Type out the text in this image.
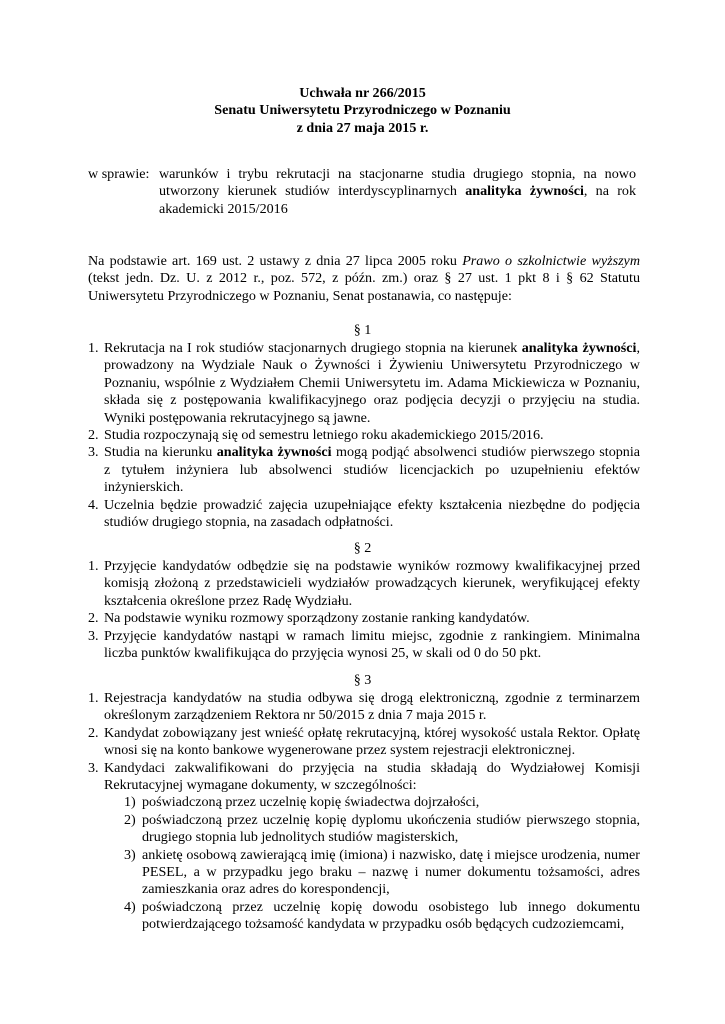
Uchwała nr 266/2015
Senatu Uniwersytetu Przyrodniczego w Poznaniu
z dnia 27 maja 2015 r.
w sprawie: warunków i trybu rekrutacji na stacjonarne studia drugiego stopnia, na nowo utworzony kierunek studiów interdyscyplinarnych analityka żywności, na rok akademicki 2015/2016
Na podstawie art. 169 ust. 2 ustawy z dnia 27 lipca 2005 roku Prawo o szkolnictwie wyższym (tekst jedn. Dz. U. z 2012 r., poz. 572, z późn. zm.) oraz § 27 ust. 1 pkt 8 i § 62 Statutu Uniwersytetu Przyrodniczego w Poznaniu, Senat postanawia, co następuje:
§ 1
1. Rekrutacja na I rok studiów stacjonarnych drugiego stopnia na kierunek analityka żywności, prowadzony na Wydziale Nauk o Żywności i Żywieniu Uniwersytetu Przyrodniczego w Poznaniu, wspólnie z Wydziałem Chemii Uniwersytetu im. Adama Mickiewicza w Poznaniu, składa się z postępowania kwalifikacyjnego oraz podjęcia decyzji o przyjęciu na studia. Wyniki postępowania rekrutacyjnego są jawne.
2. Studia rozpoczynają się od semestru letniego roku akademickiego 2015/2016.
3. Studia na kierunku analityka żywności mogą podjąć absolwenci studiów pierwszego stopnia z tytułem inżyniera lub absolwenci studiów licencjackich po uzupełnieniu efektów inżynierskich.
4. Uczelnia będzie prowadzić zajęcia uzupełniające efekty kształcenia niezbędne do podjęcia studiów drugiego stopnia, na zasadach odpłatności.
§ 2
1. Przyjęcie kandydatów odbędzie się na podstawie wyników rozmowy kwalifikacyjnej przed komisją złożoną z przedstawicieli wydziałów prowadzących kierunek, weryfikującej efekty kształcenia określone przez Radę Wydziału.
2. Na podstawie wyniku rozmowy sporządzony zostanie ranking kandydatów.
3. Przyjęcie kandydatów nastąpi w ramach limitu miejsc, zgodnie z rankingiem. Minimalna liczba punktów kwalifikująca do przyjęcia wynosi 25, w skali od 0 do 50 pkt.
§ 3
1. Rejestracja kandydatów na studia odbywa się drogą elektroniczną, zgodnie z terminarzem określonym zarządzeniem Rektora nr 50/2015 z dnia 7 maja 2015 r.
2. Kandydat zobowiązany jest wnieść opłatę rekrutacyjną, której wysokość ustala Rektor. Opłatę wnosi się na konto bankowe wygenerowane przez system rejestracji elektronicznej.
3. Kandydaci zakwalifikowani do przyjęcia na studia składają do Wydziałowej Komisji Rekrutacyjnej wymagane dokumenty, w szczególności:
1) poświadczoną przez uczelnię kopię świadectwa dojrzałości,
2) poświadczoną przez uczelnię kopię dyplomu ukończenia studiów pierwszego stopnia, drugiego stopnia lub jednolitych studiów magisterskich,
3) ankietę osobową zawierającą imię (imiona) i nazwisko, datę i miejsce urodzenia, numer PESEL, a w przypadku jego braku – nazwę i numer dokumentu tożsamości, adres zamieszkania oraz adres do korespondencji,
4) poświadczoną przez uczelnię kopię dowodu osobistego lub innego dokumentu potwierdzającego tożsamość kandydata w przypadku osób będących cudzoziemcami,
